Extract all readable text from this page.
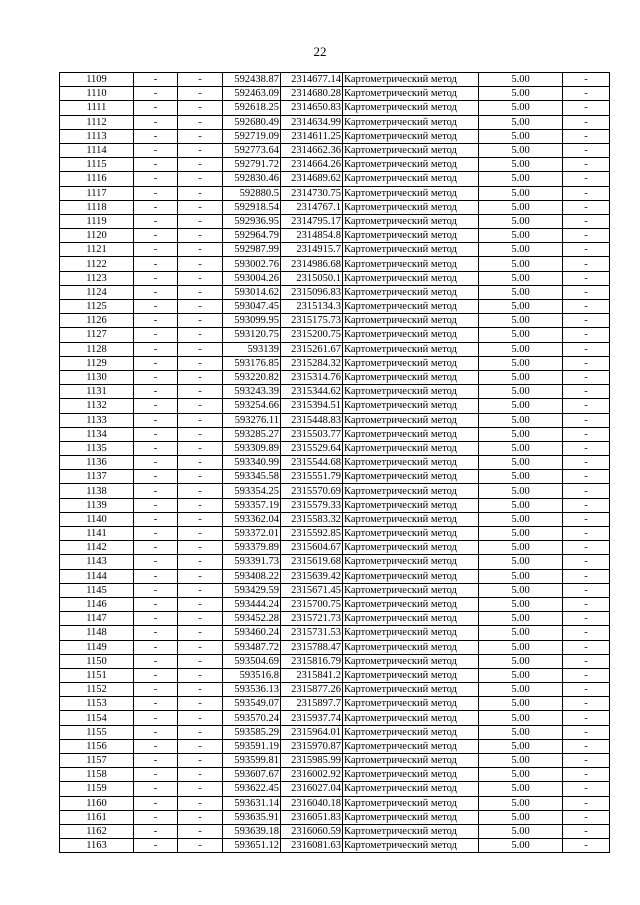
22
1109	-	-	592438.87	2314677.14	Картометрический метод	5.00	-
1110	-	-	592463.09	2314680.28	Картометрический метод	5.00	-
1111	-	-	592618.25	2314650.83	Картометрический метод	5.00	-
1112	-	-	592680.49	2314634.99	Картометрический метод	5.00	-
1113	-	-	592719.09	2314611.25	Картометрический метод	5.00	-
1114	-	-	592773.64	2314662.36	Картометрический метод	5.00	-
1115	-	-	592791.72	2314664.26	Картометрический метод	5.00	-
1116	-	-	592830.46	2314689.62	Картометрический метод	5.00	-
1117	-	-	592880.5	2314730.75	Картометрический метод	5.00	-
1118	-	-	592918.54	2314767.1	Картометрический метод	5.00	-
1119	-	-	592936.95	2314795.17	Картометрический метод	5.00	-
1120	-	-	592964.79	2314854.8	Картометрический метод	5.00	-
1121	-	-	592987.99	2314915.7	Картометрический метод	5.00	-
1122	-	-	593002.76	2314986.68	Картометрический метод	5.00	-
1123	-	-	593004.26	2315050.1	Картометрический метод	5.00	-
1124	-	-	593014.62	2315096.83	Картометрический метод	5.00	-
1125	-	-	593047.45	2315134.3	Картометрический метод	5.00	-
1126	-	-	593099.95	2315175.73	Картометрический метод	5.00	-
1127	-	-	593120.75	2315200.75	Картометрический метод	5.00	-
1128	-	-	593139	2315261.67	Картометрический метод	5.00	-
1129	-	-	593176.85	2315284.32	Картометрический метод	5.00	-
1130	-	-	593220.82	2315314.76	Картометрический метод	5.00	-
1131	-	-	593243.39	2315344.62	Картометрический метод	5.00	-
1132	-	-	593254.66	2315394.51	Картометрический метод	5.00	-
1133	-	-	593276.11	2315448.83	Картометрический метод	5.00	-
1134	-	-	593285.27	2315503.77	Картометрический метод	5.00	-
1135	-	-	593309.89	2315529.64	Картометрический метод	5.00	-
1136	-	-	593340.99	2315544.68	Картометрический метод	5.00	-
1137	-	-	593345.58	2315551.79	Картометрический метод	5.00	-
1138	-	-	593354.25	2315570.69	Картометрический метод	5.00	-
1139	-	-	593357.19	2315579.33	Картометрический метод	5.00	-
1140	-	-	593362.04	2315583.32	Картометрический метод	5.00	-
1141	-	-	593372.01	2315592.85	Картометрический метод	5.00	-
1142	-	-	593379.89	2315604.67	Картометрический метод	5.00	-
1143	-	-	593391.73	2315619.68	Картометрический метод	5.00	-
1144	-	-	593408.22	2315639.42	Картометрический метод	5.00	-
1145	-	-	593429.59	2315671.45	Картометрический метод	5.00	-
1146	-	-	593444.24	2315700.75	Картометрический метод	5.00	-
1147	-	-	593452.28	2315721.73	Картометрический метод	5.00	-
1148	-	-	593460.24	2315731.53	Картометрический метод	5.00	-
1149	-	-	593487.72	2315788.47	Картометрический метод	5.00	-
1150	-	-	593504.69	2315816.79	Картометрический метод	5.00	-
1151	-	-	593516.8	2315841.2	Картометрический метод	5.00	-
1152	-	-	593536.13	2315877.26	Картометрический метод	5.00	-
1153	-	-	593549.07	2315897.7	Картометрический метод	5.00	-
1154	-	-	593570.24	2315937.74	Картометрический метод	5.00	-
1155	-	-	593585.29	2315964.01	Картометрический метод	5.00	-
1156	-	-	593591.19	2315970.87	Картометрический метод	5.00	-
1157	-	-	593599.81	2315985.99	Картометрический метод	5.00	-
1158	-	-	593607.67	2316002.92	Картометрический метод	5.00	-
1159	-	-	593622.45	2316027.04	Картометрический метод	5.00	-
1160	-	-	593631.14	2316040.18	Картометрический метод	5.00	-
1161	-	-	593635.91	2316051.83	Картометрический метод	5.00	-
1162	-	-	593639.18	2316060.59	Картометрический метод	5.00	-
1163	-	-	593651.12	2316081.63	Картометрический метод	5.00	-
